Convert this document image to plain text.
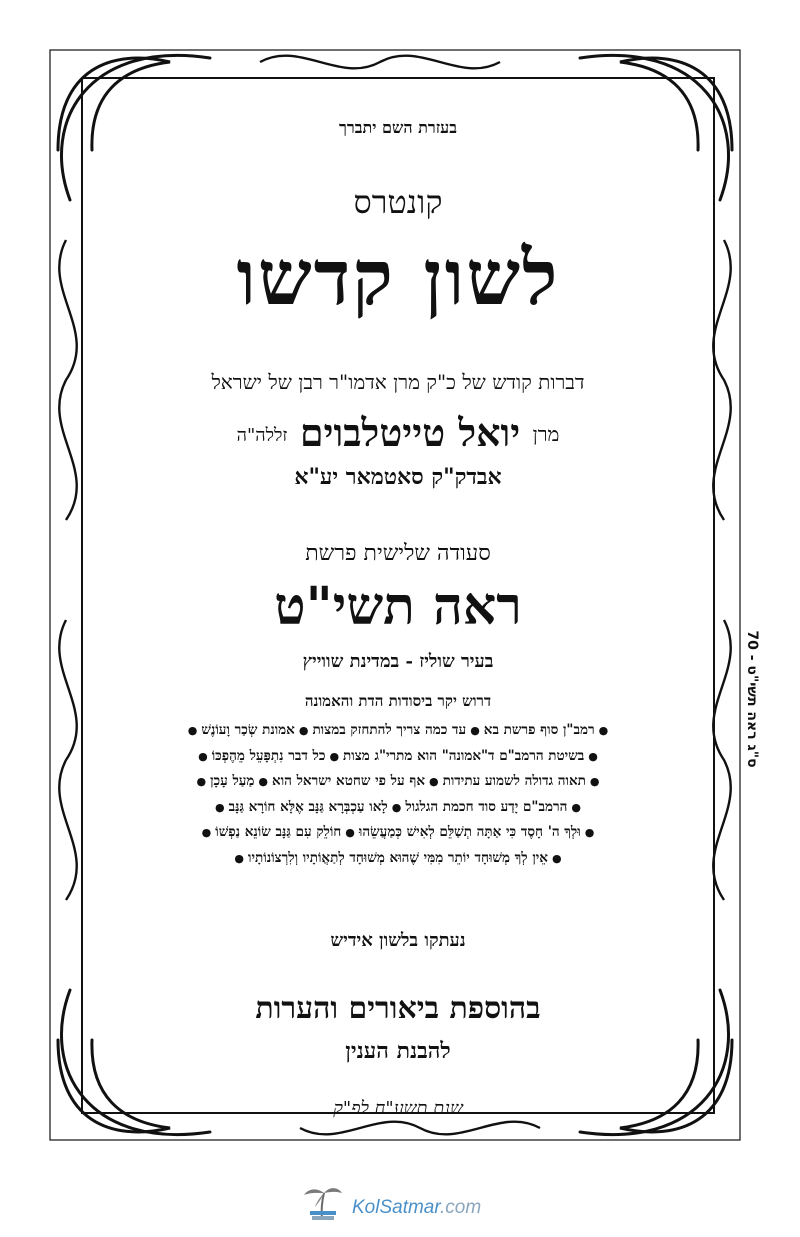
בעזרת השם יתברך
קונטרס
לשון קדשו
דברות קודש של כ"ק מרן אדמו"ר רבן של ישראל
מרן יואל טייטלבוים זללה"ה
אבדק"ק סאטמאר יע"א
סעודה שלישית פרשת
ראה תשי"ט
בעיר שוליז - במדינת שווייץ
דרוש יקר ביסודות הדת והאמונה
●רמב"ן סוף פרשת בא●עד כמה צריך להתחזק במצות●אמונת שְׂכַר וָעוֹנֶשׁ●
●בשיטת הרמב"ם ד"אמונה" הוא מתרי"ג מצות●כל דבר נִתְפָּעֵל מֵהֶפְכּוֹ●
●תאוה גדולה לשמוע עתידות●אף על פי שחטא ישראל הוא●מַעַל עָכָן●
●הרמב"ם יָדַע סוד חכמת הגלגול●לָאו עַכְבְּרָא גַּנָּב אֶלָּא חוֹרָא גַּנָּב●
●וּלְךָ ה' חָסֶד כִּי אַתָּה תְשַׁלֵּם לְאִישׁ כְּמַעֲשֵׂהוּ●חוֹלֵק עִם גַּנָּב שׂוֹנֵא נַפְשׁוֹ●
●אֵין לְךָ מְשׁוּחָד יוֹתֵר מִמִּי שֶׁהוּא מְשׁוּחָד לְתַאֲוֹתָיו וְלִרְצוֹנוֹתָיו●
נעתקו בלשון אידיש
בהוספת ביאורים והערות
להבנת הענין
שנת תשע"ח לפ"ק
ס"ג ראה תשי"ט - 70
KolSatmar.com
